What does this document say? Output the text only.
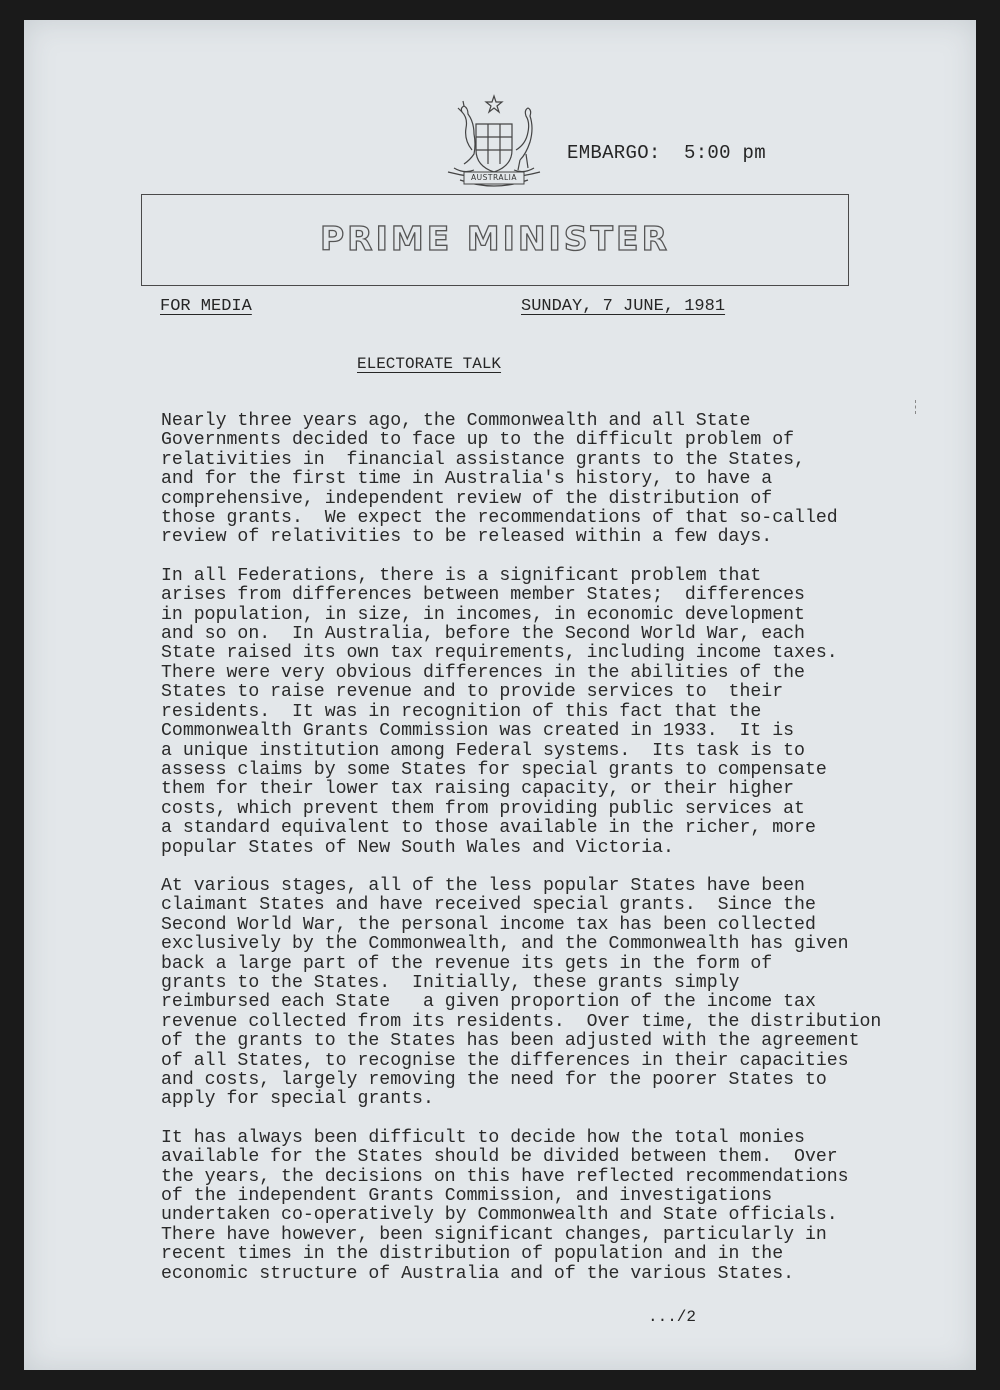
AUSTRALIA
EMBARGO:  5:00 pm
PRIME MINISTER
FOR MEDIA	SUNDAY, 7 JUNE, 1981
ELECTORATE TALK
Nearly three years ago, the Commonwealth and all State
Governments decided to face up to the difficult problem of
relativities in  financial assistance grants to the States,
and for the first time in Australia's history, to have a
comprehensive, independent review of the distribution of
those grants.  We expect the recommendations of that so-called
review of relativities to be released within a few days.
In all Federations, there is a significant problem that
arises from differences between member States;  differences
in population, in size, in incomes, in economic development
and so on.  In Australia, before the Second World War, each
State raised its own tax requirements, including income taxes.
There were very obvious differences in the abilities of the
States to raise revenue and to provide services to  their
residents.  It was in recognition of this fact that the
Commonwealth Grants Commission was created in 1933.  It is
a unique institution among Federal systems.  Its task is to
assess claims by some States for special grants to compensate
them for their lower tax raising capacity, or their higher
costs, which prevent them from providing public services at
a standard equivalent to those available in the richer, more
popular States of New South Wales and Victoria.
At various stages, all of the less popular States have been
claimant States and have received special grants.  Since the
Second World War, the personal income tax has been collected
exclusively by the Commonwealth, and the Commonwealth has given
back a large part of the revenue its gets in the form of
grants to the States.  Initially, these grants simply
reimbursed each State   a given proportion of the income tax
revenue collected from its residents.  Over time, the distribution
of the grants to the States has been adjusted with the agreement
of all States, to recognise the differences in their capacities
and costs, largely removing the need for the poorer States to
apply for special grants.
It has always been difficult to decide how the total monies
available for the States should be divided between them.  Over
the years, the decisions on this have reflected recommendations
of the independent Grants Commission, and investigations
undertaken co-operatively by Commonwealth and State officials.
There have however, been significant changes, particularly in
recent times in the distribution of population and in the
economic structure of Australia and of the various States.
.../2
